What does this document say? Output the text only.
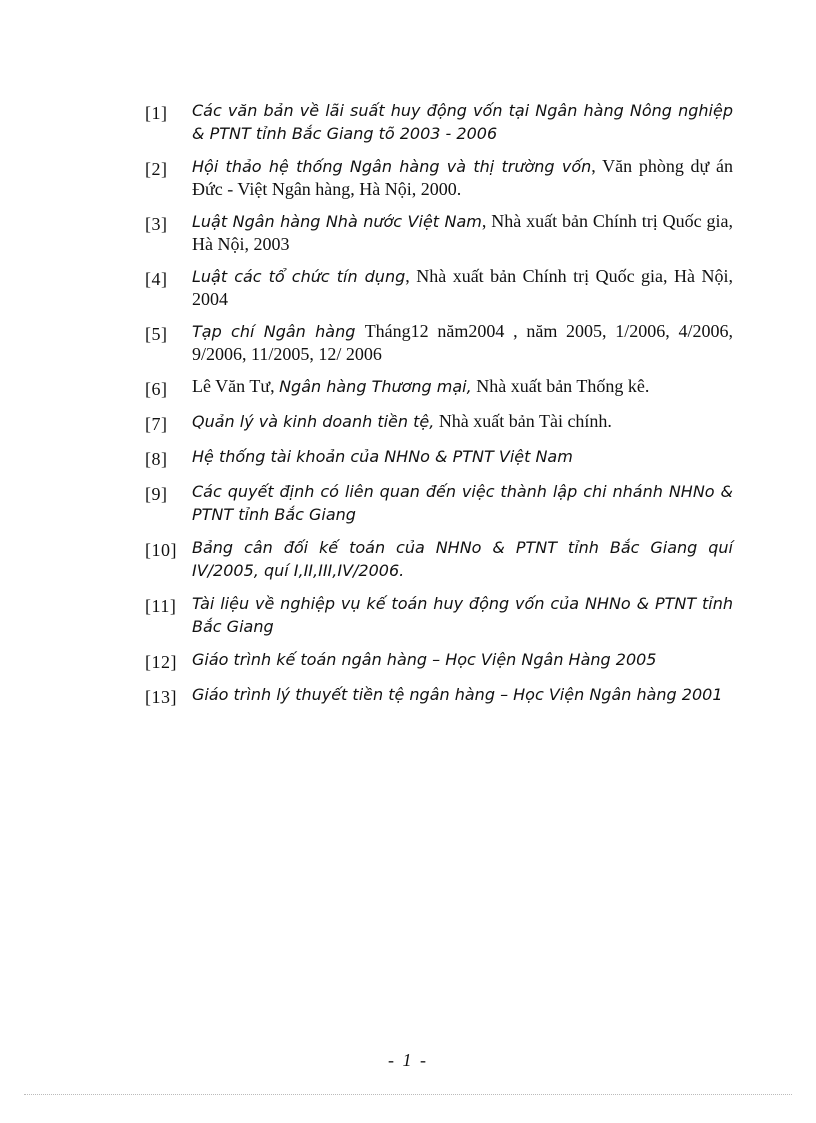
[1]	Các văn bản về lãi suất huy động vốn tại Ngân hàng Nông nghiệp & PTNT tỉnh Bắc Giang tõ 2003 - 2006
[2]	Hội thảo hệ thống Ngân hàng và thị trường vốn, Văn phòng dự án Đức - Việt Ngân hàng, Hà Nội, 2000.
[3]	Luật Ngân hàng Nhà nước Việt Nam, Nhà xuất bản Chính trị Quốc gia, Hà Nội, 2003
[4]	Luật các tổ chức tín dụng, Nhà xuất bản Chính trị Quốc gia, Hà Nội, 2004
[5]	Tạp chí Ngân hàng Tháng12 năm2004 , năm 2005, 1/2006, 4/2006, 9/2006, 11/2005, 12/ 2006
[6]	Lê Văn Tư, Ngân hàng Thương mại, Nhà xuất bản Thống kê.
[7]	Quản lý và kinh doanh tiền tệ, Nhà xuất bản Tài chính.
[8]	Hệ thống tài khoản của NHNo & PTNT Việt Nam
[9]	Các quyết định có liên quan đến việc thành lập chi nhánh NHNo & PTNT tỉnh Bắc Giang
[10] Bảng cân đối kế toán của NHNo & PTNT tỉnh Bắc Giang quí IV/2005, quí I,II,III,IV/2006.
[11] Tài liệu về nghiệp vụ kế toán huy động vốn của NHNo & PTNT tỉnh Bắc Giang
[12] Giáo trình kế toán ngân hàng – Học Viện Ngân Hàng 2005
[13] Giáo trình lý thuyết tiền tệ ngân hàng – Học Viện Ngân hàng 2001
- 1 -
